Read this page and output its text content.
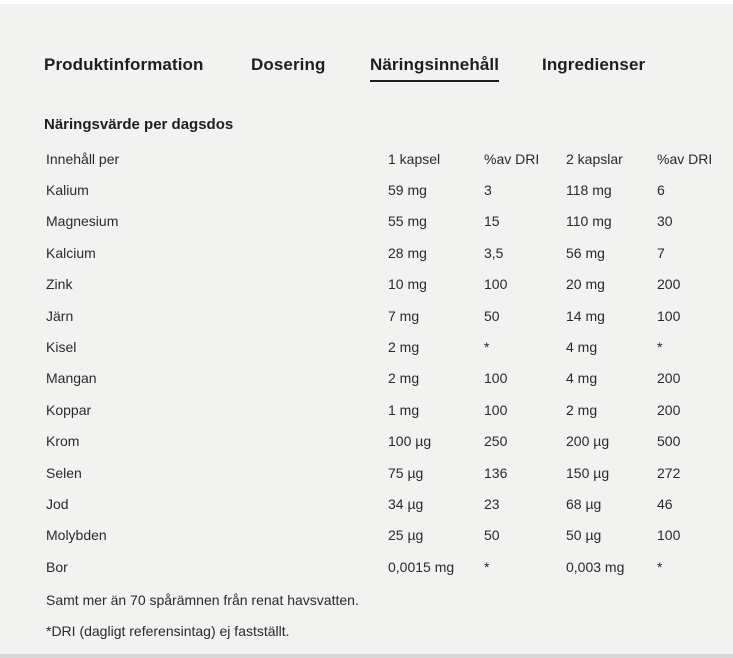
Produktinformation	Dosering	Näringsinnehåll	Ingredienser
Näringsvärde per dagsdos
Innehåll per	1 kapsel	%av DRI	2 kapslar	%av DRI
Kalium	59 mg	3	118 mg	6
Magnesium	55 mg	15	110 mg	30
Kalcium	28 mg	3,5	56 mg	7
Zink	10 mg	100	20 mg	200
Järn	7 mg	50	14 mg	100
Kisel	2 mg	*	4 mg	*
Mangan	2 mg	100	4 mg	200
Koppar	1 mg	100	2 mg	200
Krom	100 µg	250	200 µg	500
Selen	75 µg	136	150 µg	272
Jod	34 µg	23	68 µg	46
Molybden	25 µg	50	50 µg	100
Bor	0,0015 mg	*	0,003 mg	*
Samt mer än 70 spårämnen från renat havsvatten.
*DRI (dagligt referensintag) ej fastställt.
